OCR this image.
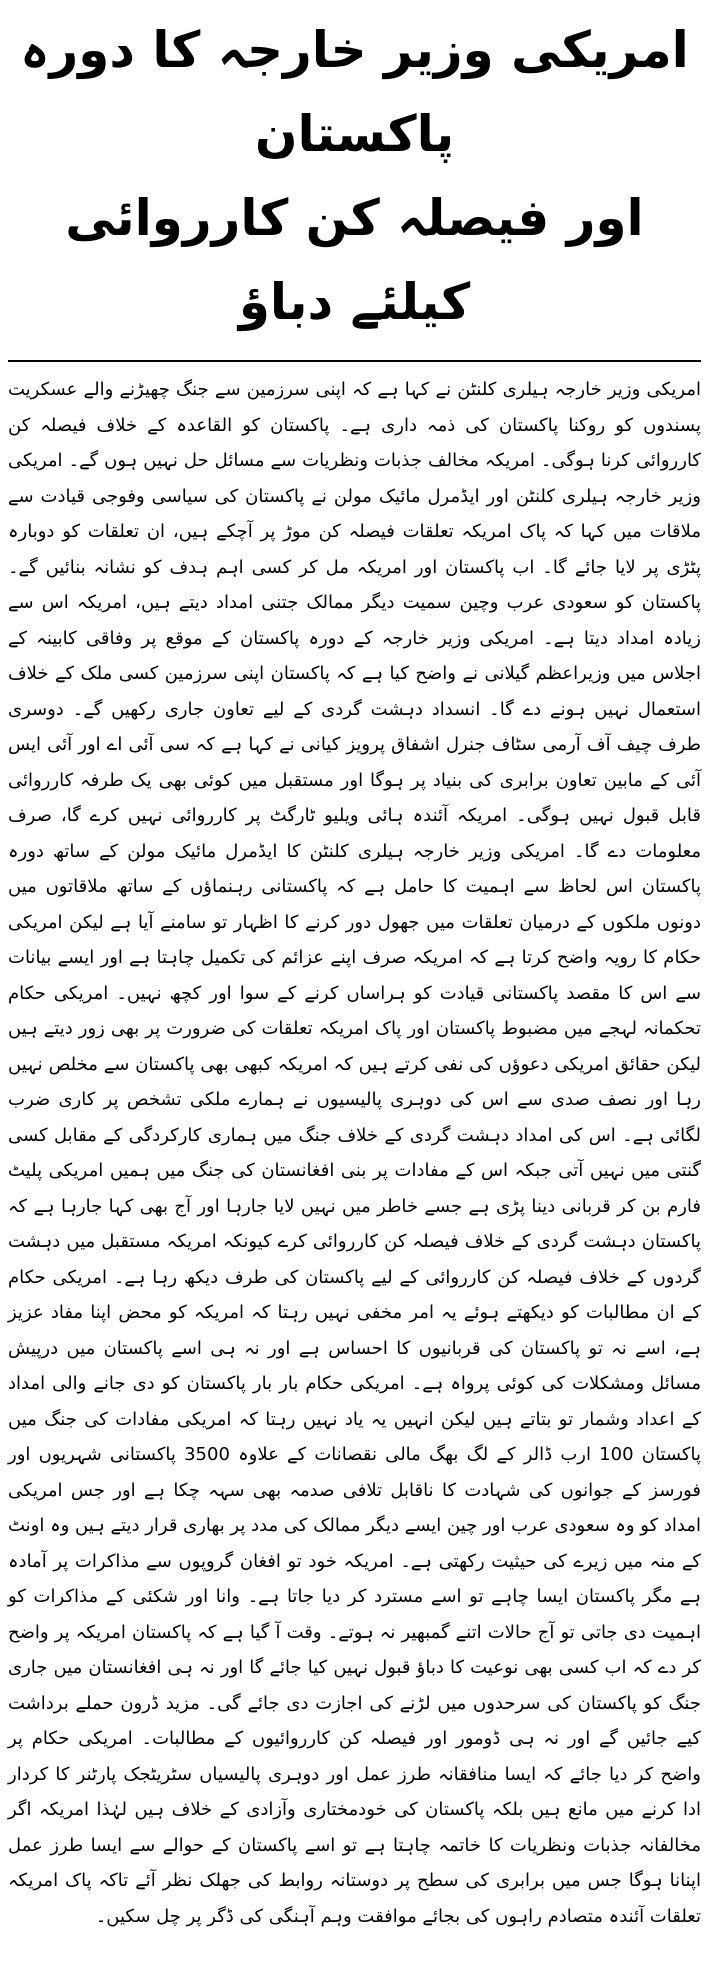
امریکی وزیر خارجہ کا دورہ پاکستان
اور فیصلہ کن کارروائی کیلئے دباؤ

امریکی وزیر خارجہ ہیلری کلنٹن نے کہا ہے کہ اپنی سرزمین سے جنگ چھیڑنے والے عسکریت پسندوں کو روکنا پاکستان کی ذمہ داری ہے۔ پاکستان کو القاعدہ کے خلاف فیصلہ کن کارروائی کرنا ہوگی۔ امریکہ مخالف جذبات ونظریات سے مسائل حل نہیں ہوں گے۔ امریکی وزیر خارجہ ہیلری کلنٹن اور ایڈمرل مائیک مولن نے پاکستان کی سیاسی وفوجی قیادت سے ملاقات میں کہا کہ پاک امریکہ تعلقات فیصلہ کن موڑ پر آچکے ہیں، ان تعلقات کو دوبارہ پٹڑی پر لایا جائے گا۔ اب پاکستان اور امریکہ مل کر کسی اہم ہدف کو نشانہ بنائیں گے۔ پاکستان کو سعودی عرب وچین سمیت دیگر ممالک جتنی امداد دیتے ہیں، امریکہ اس سے زیادہ امداد دیتا ہے۔ امریکی وزیر خارجہ کے دورہ پاکستان کے موقع پر وفاقی کابینہ کے اجلاس میں وزیراعظم گیلانی نے واضح کیا ہے کہ پاکستان اپنی سرزمین کسی ملک کے خلاف استعمال نہیں ہونے دے گا۔ انسداد دہشت گردی کے لیے تعاون جاری رکھیں گے۔ دوسری طرف چیف آف آرمی سٹاف جنرل اشفاق پرویز کیانی نے کہا ہے کہ سی آئی اے اور آئی ایس آئی کے مابین تعاون برابری کی بنیاد پر ہوگا اور مستقبل میں کوئی بھی یک طرفہ کارروائی قابل قبول نہیں ہوگی۔ امریکہ آئندہ ہائی ویلیو ٹارگٹ پر کارروائی نہیں کرے گا، صرف معلومات دے گا۔ امریکی وزیر خارجہ ہیلری کلنٹن کا ایڈمرل مائیک مولن کے ساتھ دورہ پاکستان اس لحاظ سے اہمیت کا حامل ہے کہ پاکستانی رہنماؤں کے ساتھ ملاقاتوں میں دونوں ملکوں کے درمیان تعلقات میں جھول دور کرنے کا اظہار تو سامنے آیا ہے لیکن امریکی حکام کا رویہ واضح کرتا ہے کہ امریکہ صرف اپنے عزائم کی تکمیل چاہتا ہے اور ایسے بیانات سے اس کا مقصد پاکستانی قیادت کو ہراساں کرنے کے سوا اور کچھ نہیں۔ امریکی حکام تحکمانہ لہجے میں مضبوط پاکستان اور پاک امریکہ تعلقات کی ضرورت پر بھی زور دیتے ہیں لیکن حقائق امریکی دعوؤں کی نفی کرتے ہیں کہ امریکہ کبھی بھی پاکستان سے مخلص نہیں رہا اور نصف صدی سے اس کی دوہری پالیسیوں نے ہمارے ملکی تشخص پر کاری ضرب لگائی ہے۔ اس کی امداد دہشت گردی کے خلاف جنگ میں ہماری کارکردگی کے مقابل کسی گنتی میں نہیں آتی جبکہ اس کے مفادات پر بنی افغانستان کی جنگ میں ہمیں امریکی پلیٹ فارم بن کر قربانی دینا پڑی ہے جسے خاطر میں نہیں لایا جارہا اور آج بھی کہا جارہا ہے کہ پاکستان دہشت گردی کے خلاف فیصلہ کن کارروائی کرے کیونکہ امریکہ مستقبل میں دہشت گردوں کے خلاف فیصلہ کن کارروائی کے لیے پاکستان کی طرف دیکھ رہا ہے۔ امریکی حکام کے ان مطالبات کو دیکھتے ہوئے یہ امر مخفی نہیں رہتا کہ امریکہ کو محض اپنا مفاد عزیز ہے، اسے نہ تو پاکستان کی قربانیوں کا احساس ہے اور نہ ہی اسے پاکستان میں درپیش مسائل ومشکلات کی کوئی پرواہ ہے۔ امریکی حکام بار بار پاکستان کو دی جانے والی امداد کے اعداد وشمار تو بتاتے ہیں لیکن انہیں یہ یاد نہیں رہتا کہ امریکی مفادات کی جنگ میں پاکستان 100 ارب ڈالر کے لگ بھگ مالی نقصانات کے علاوہ 3500 پاکستانی شہریوں اور فورسز کے جوانوں کی شہادت کا ناقابل تلافی صدمہ بھی سہہ چکا ہے اور جس امریکی امداد کو وہ سعودی عرب اور چین ایسے دیگر ممالک کی مدد پر بھاری قرار دیتے ہیں وہ اونٹ کے منہ میں زیرے کی حیثیت رکھتی ہے۔ امریکہ خود تو افغان گروپوں سے مذاکرات پر آمادہ ہے مگر پاکستان ایسا چاہے تو اسے مسترد کر دیا جاتا ہے۔ وانا اور شکئی کے مذاکرات کو اہمیت دی جاتی تو آج حالات اتنے گمبھیر نہ ہوتے۔ وقت آ گیا ہے کہ پاکستان امریکہ پر واضح کر دے کہ اب کسی بھی نوعیت کا دباؤ قبول نہیں کیا جائے گا اور نہ ہی افغانستان میں جاری جنگ کو پاکستان کی سرحدوں میں لڑنے کی اجازت دی جائے گی۔ مزید ڈرون حملے برداشت کیے جائیں گے اور نہ ہی ڈومور اور فیصلہ کن کارروائیوں کے مطالبات۔ امریکی حکام پر واضح کر دیا جائے کہ ایسا منافقانہ طرز عمل اور دوہری پالیسیاں سٹریٹجک پارٹنر کا کردار ادا کرنے میں مانع ہیں بلکہ پاکستان کی خودمختاری وآزادی کے خلاف ہیں لہٰذا امریکہ اگر مخالفانہ جذبات ونظریات کا خاتمہ چاہتا ہے تو اسے پاکستان کے حوالے سے ایسا طرز عمل اپنانا ہوگا جس میں برابری کی سطح پر دوستانہ روابط کی جھلک نظر آئے تاکہ پاک امریکہ تعلقات آئندہ متصادم راہوں کی بجائے موافقت وہم آہنگی کی ڈگر پر چل سکیں۔
